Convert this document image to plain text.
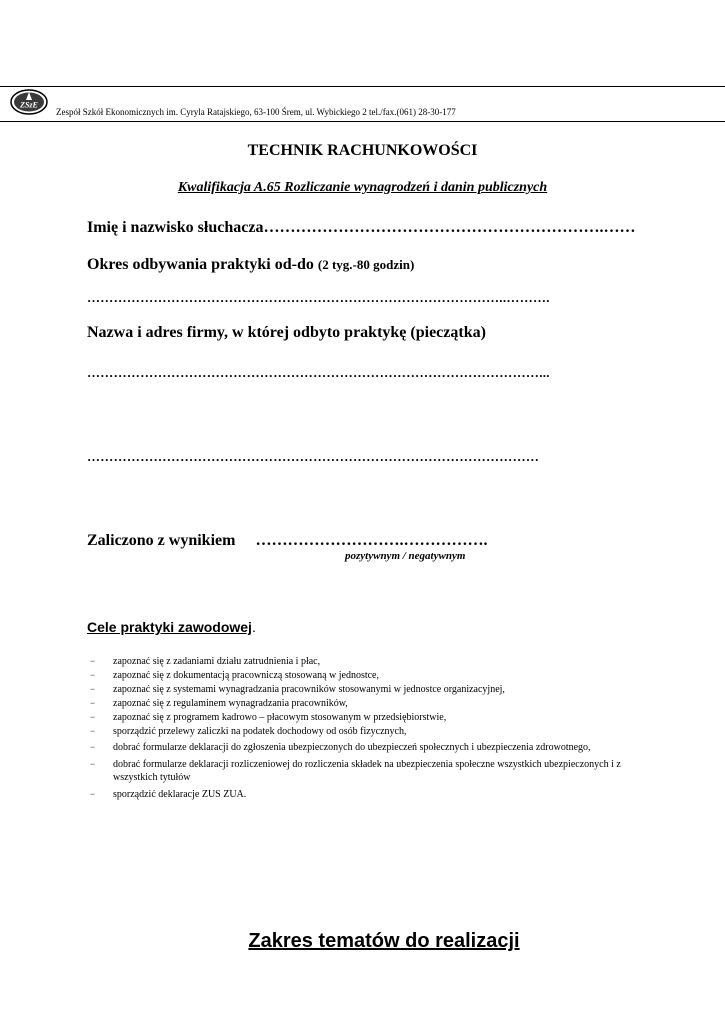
ZSzE
Zespół Szkół Ekonomicznych im. Cyryla Ratajskiego, 63-100 Śrem, ul. Wybickiego 2 tel./fax.(061) 28-30-177
TECHNIK RACHUNKOWOŚCI
Kwalifikacja A.65 Rozliczanie wynagrodzeń i danin publicznych
Imię i nazwisko słuchacza……………………………………………………….……
Okres odbywania praktyki od-do (2 tyg.-80 godzin)
…………………………………………………………………………………..……….
Nazwa i adres firmy, w której odbyto praktykę (pieczątka)
…………………………………………………………………………………………...
…………………………………………………………………………………………
Zaliczono z wynikiem ……………………….…………….
pozytywnym / negatywnym
Cele praktyki zawodowej.
− zapoznać się z zadaniami działu zatrudnienia i płac,
− zapoznać się z dokumentacją pracowniczą stosowaną w jednostce,
− zapoznać się z systemami wynagradzania pracowników stosowanymi w jednostce organizacyjnej,
− zapoznać się z regulaminem wynagradzania pracowników,
− zapoznać się z programem kadrowo – płacowym stosowanym w przedsiębiorstwie,
− sporządzić przelewy zaliczki na podatek dochodowy od osób fizycznych,
− dobrać formularze deklaracji do zgłoszenia ubezpieczonych do ubezpieczeń społecznych i ubezpieczenia zdrowotnego,
− dobrać formularze deklaracji rozliczeniowej do rozliczenia składek na ubezpieczenia społeczne wszystkich ubezpieczonych i z wszystkich tytułów
− sporządzić deklaracje ZUS ZUA.
Zakres tematów do realizacji
